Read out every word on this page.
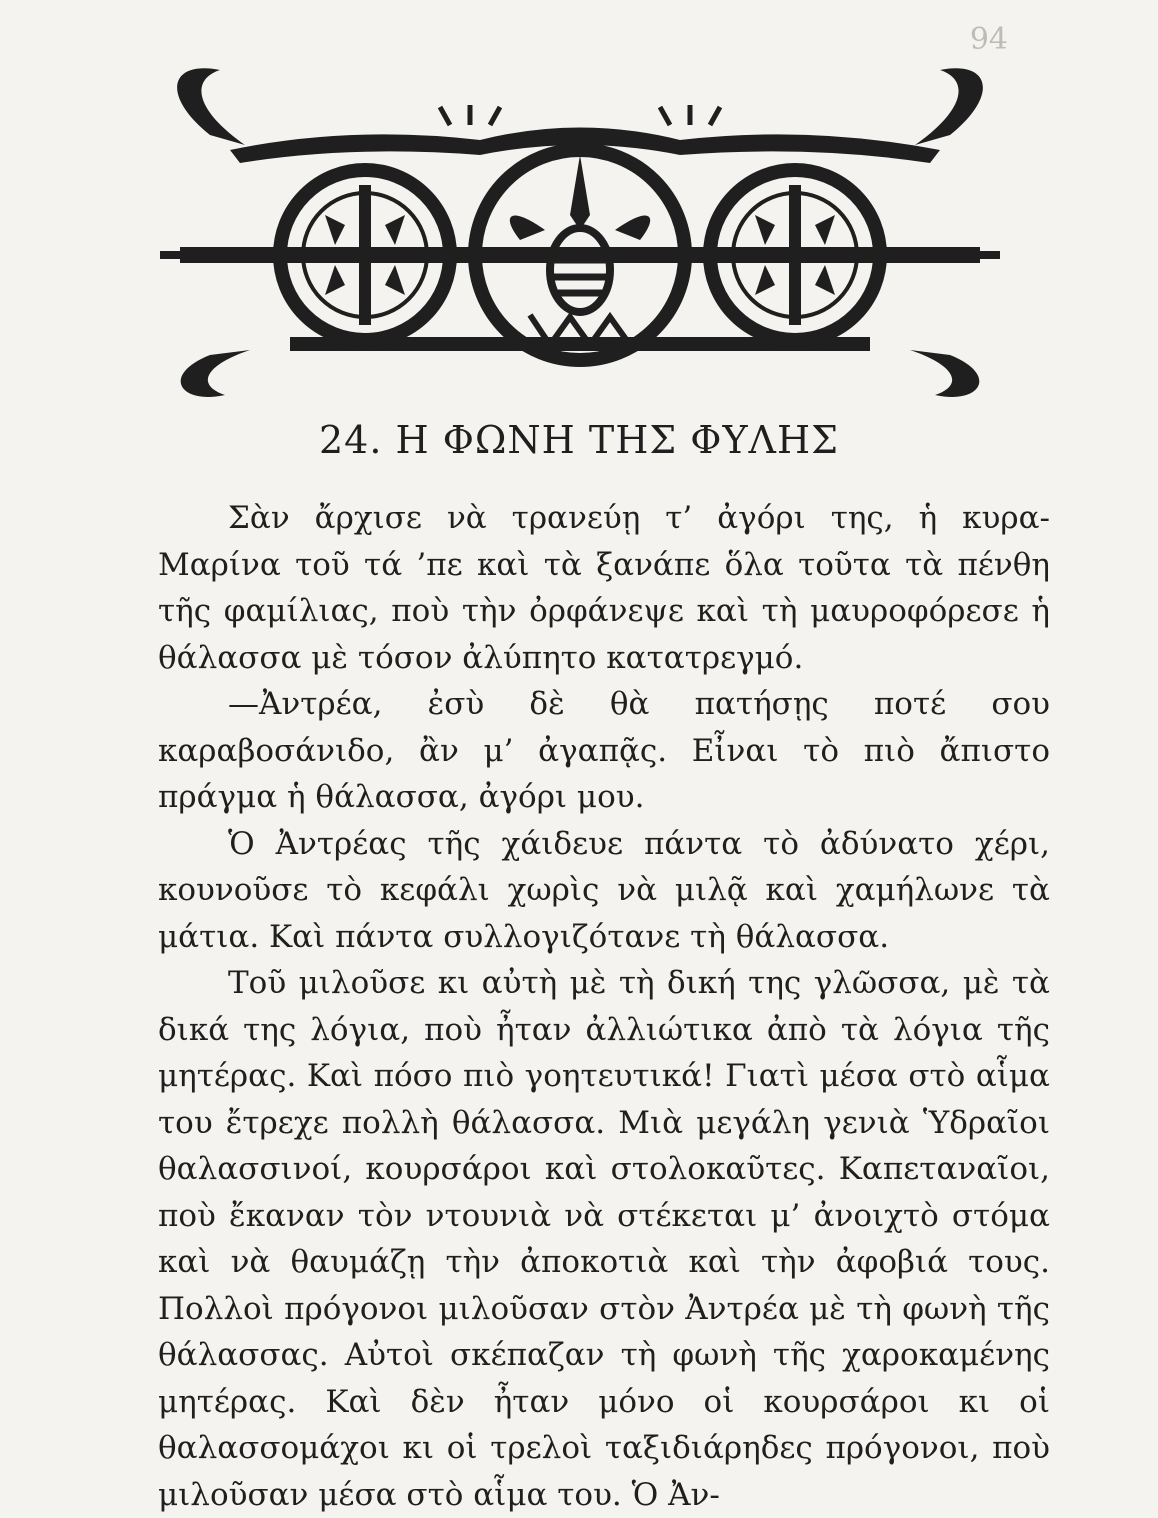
94
24. Η ΦΩΝΗ ΤΗΣ ΦΥΛΗΣ

Σὰν ἄρχισε νὰ τρανεύῃ τ’ ἀγόρι της, ἡ κυρα-Μαρίνα τοῦ τά ’πε καὶ τὰ ξανάπε ὅλα τοῦτα τὰ πένθη τῆς φαμίλιας, ποὺ τὴν ὀρφάνεψε καὶ τὴ μαυροφόρεσε ἡ θάλασσα μὲ τόσον ἀλύπητο κατατρεγμό.

—Ἀντρέα, ἐσὺ δὲ θὰ πατήσῃς ποτέ σου καραβοσάνιδο, ἂν μ’ ἀγαπᾷς. Εἶναι τὸ πιὸ ἄπιστο πράγμα ἡ θάλασσα, ἀγόρι μου.

Ὁ Ἀντρέας τῆς χάιδευε πάντα τὸ ἀδύνατο χέρι, κουνοῦσε τὸ κεφάλι χωρὶς νὰ μιλᾷ καὶ χαμήλωνε τὰ μάτια. Καὶ πάντα συλλογιζότανε τὴ θάλασσα.

Τοῦ μιλοῦσε κι αὐτὴ μὲ τὴ δική της γλῶσσα, μὲ τὰ δικά της λόγια, ποὺ ἦταν ἀλλιώτικα ἀπὸ τὰ λόγια τῆς μητέρας. Καὶ πόσο πιὸ γοητευτικά! Γιατὶ μέσα στὸ αἷμα του ἔτρεχε πολλὴ θάλασσα. Μιὰ μεγάλη γενιὰ Ὑδραῖοι θαλασσινοί, κουρσάροι καὶ στολοκαῦτες. Καπεταναῖοι, ποὺ ἔκαναν τὸν ντουνιὰ νὰ στέκεται μ’ ἀνοιχτὸ στόμα καὶ νὰ θαυμάζῃ τὴν ἀποκοτιὰ καὶ τὴν ἀφοβιά τους. Πολλοὶ πρόγονοι μιλοῦσαν στὸν Ἀντρέα μὲ τὴ φωνὴ τῆς θάλασσας. Αὐτοὶ σκέπαζαν τὴ φωνὴ τῆς χαροκαμένης μητέρας. Καὶ δὲν ἦταν μόνο οἱ κουρσάροι κι οἱ θαλασσομάχοι κι οἱ τρελοὶ ταξιδιάρηδες πρόγονοι, ποὺ μιλοῦσαν μέσα στὸ αἷμα του. Ὁ Ἀν-
